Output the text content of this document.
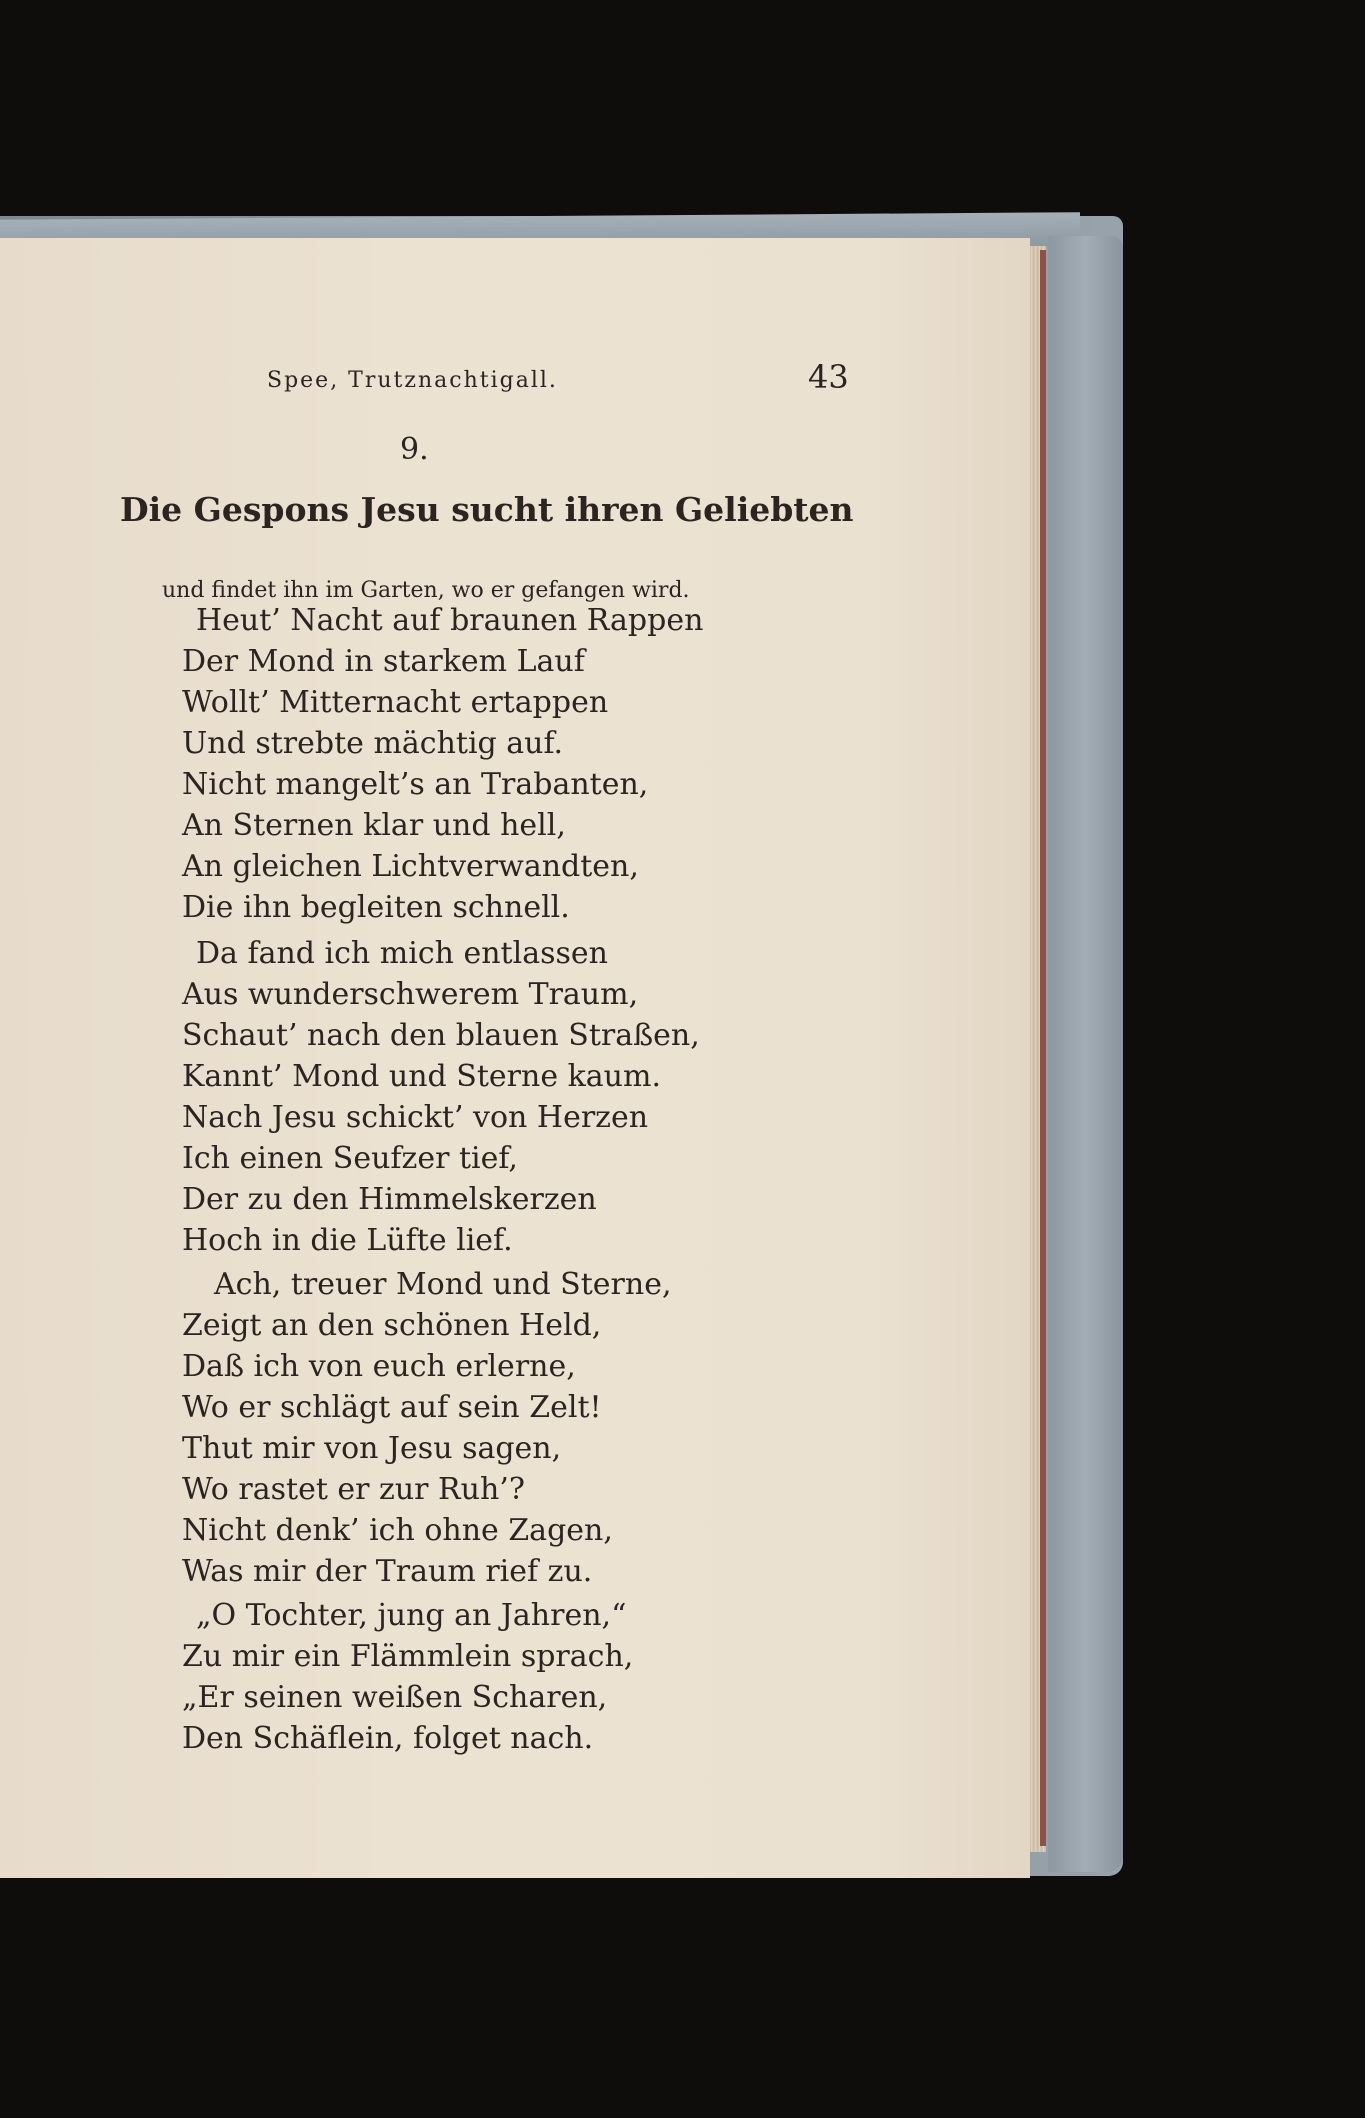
Spee, Trutznachtigall.	43
9.
Die Gespons Jesu sucht ihren Geliebten
und findet ihn im Garten, wo er gefangen wird.
Heut’ Nacht auf braunen Rappen
Der Mond in starkem Lauf
Wollt’ Mitternacht ertappen
Und strebte mächtig auf.
Nicht mangelt’s an Trabanten,
An Sternen klar und hell,
An gleichen Lichtverwandten,
Die ihn begleiten schnell.
Da fand ich mich entlassen
Aus wunderschwerem Traum,
Schaut’ nach den blauen Straßen,
Kannt’ Mond und Sterne kaum.
Nach Jesu schickt’ von Herzen
Ich einen Seufzer tief,
Der zu den Himmelskerzen
Hoch in die Lüfte lief.
Ach, treuer Mond und Sterne,
Zeigt an den schönen Held,
Daß ich von euch erlerne,
Wo er schlägt auf sein Zelt!
Thut mir von Jesu sagen,
Wo rastet er zur Ruh’?
Nicht denk’ ich ohne Zagen,
Was mir der Traum rief zu.
„O Tochter, jung an Jahren,“
Zu mir ein Flämmlein sprach,
„Er seinen weißen Scharen,
Den Schäflein, folget nach.
